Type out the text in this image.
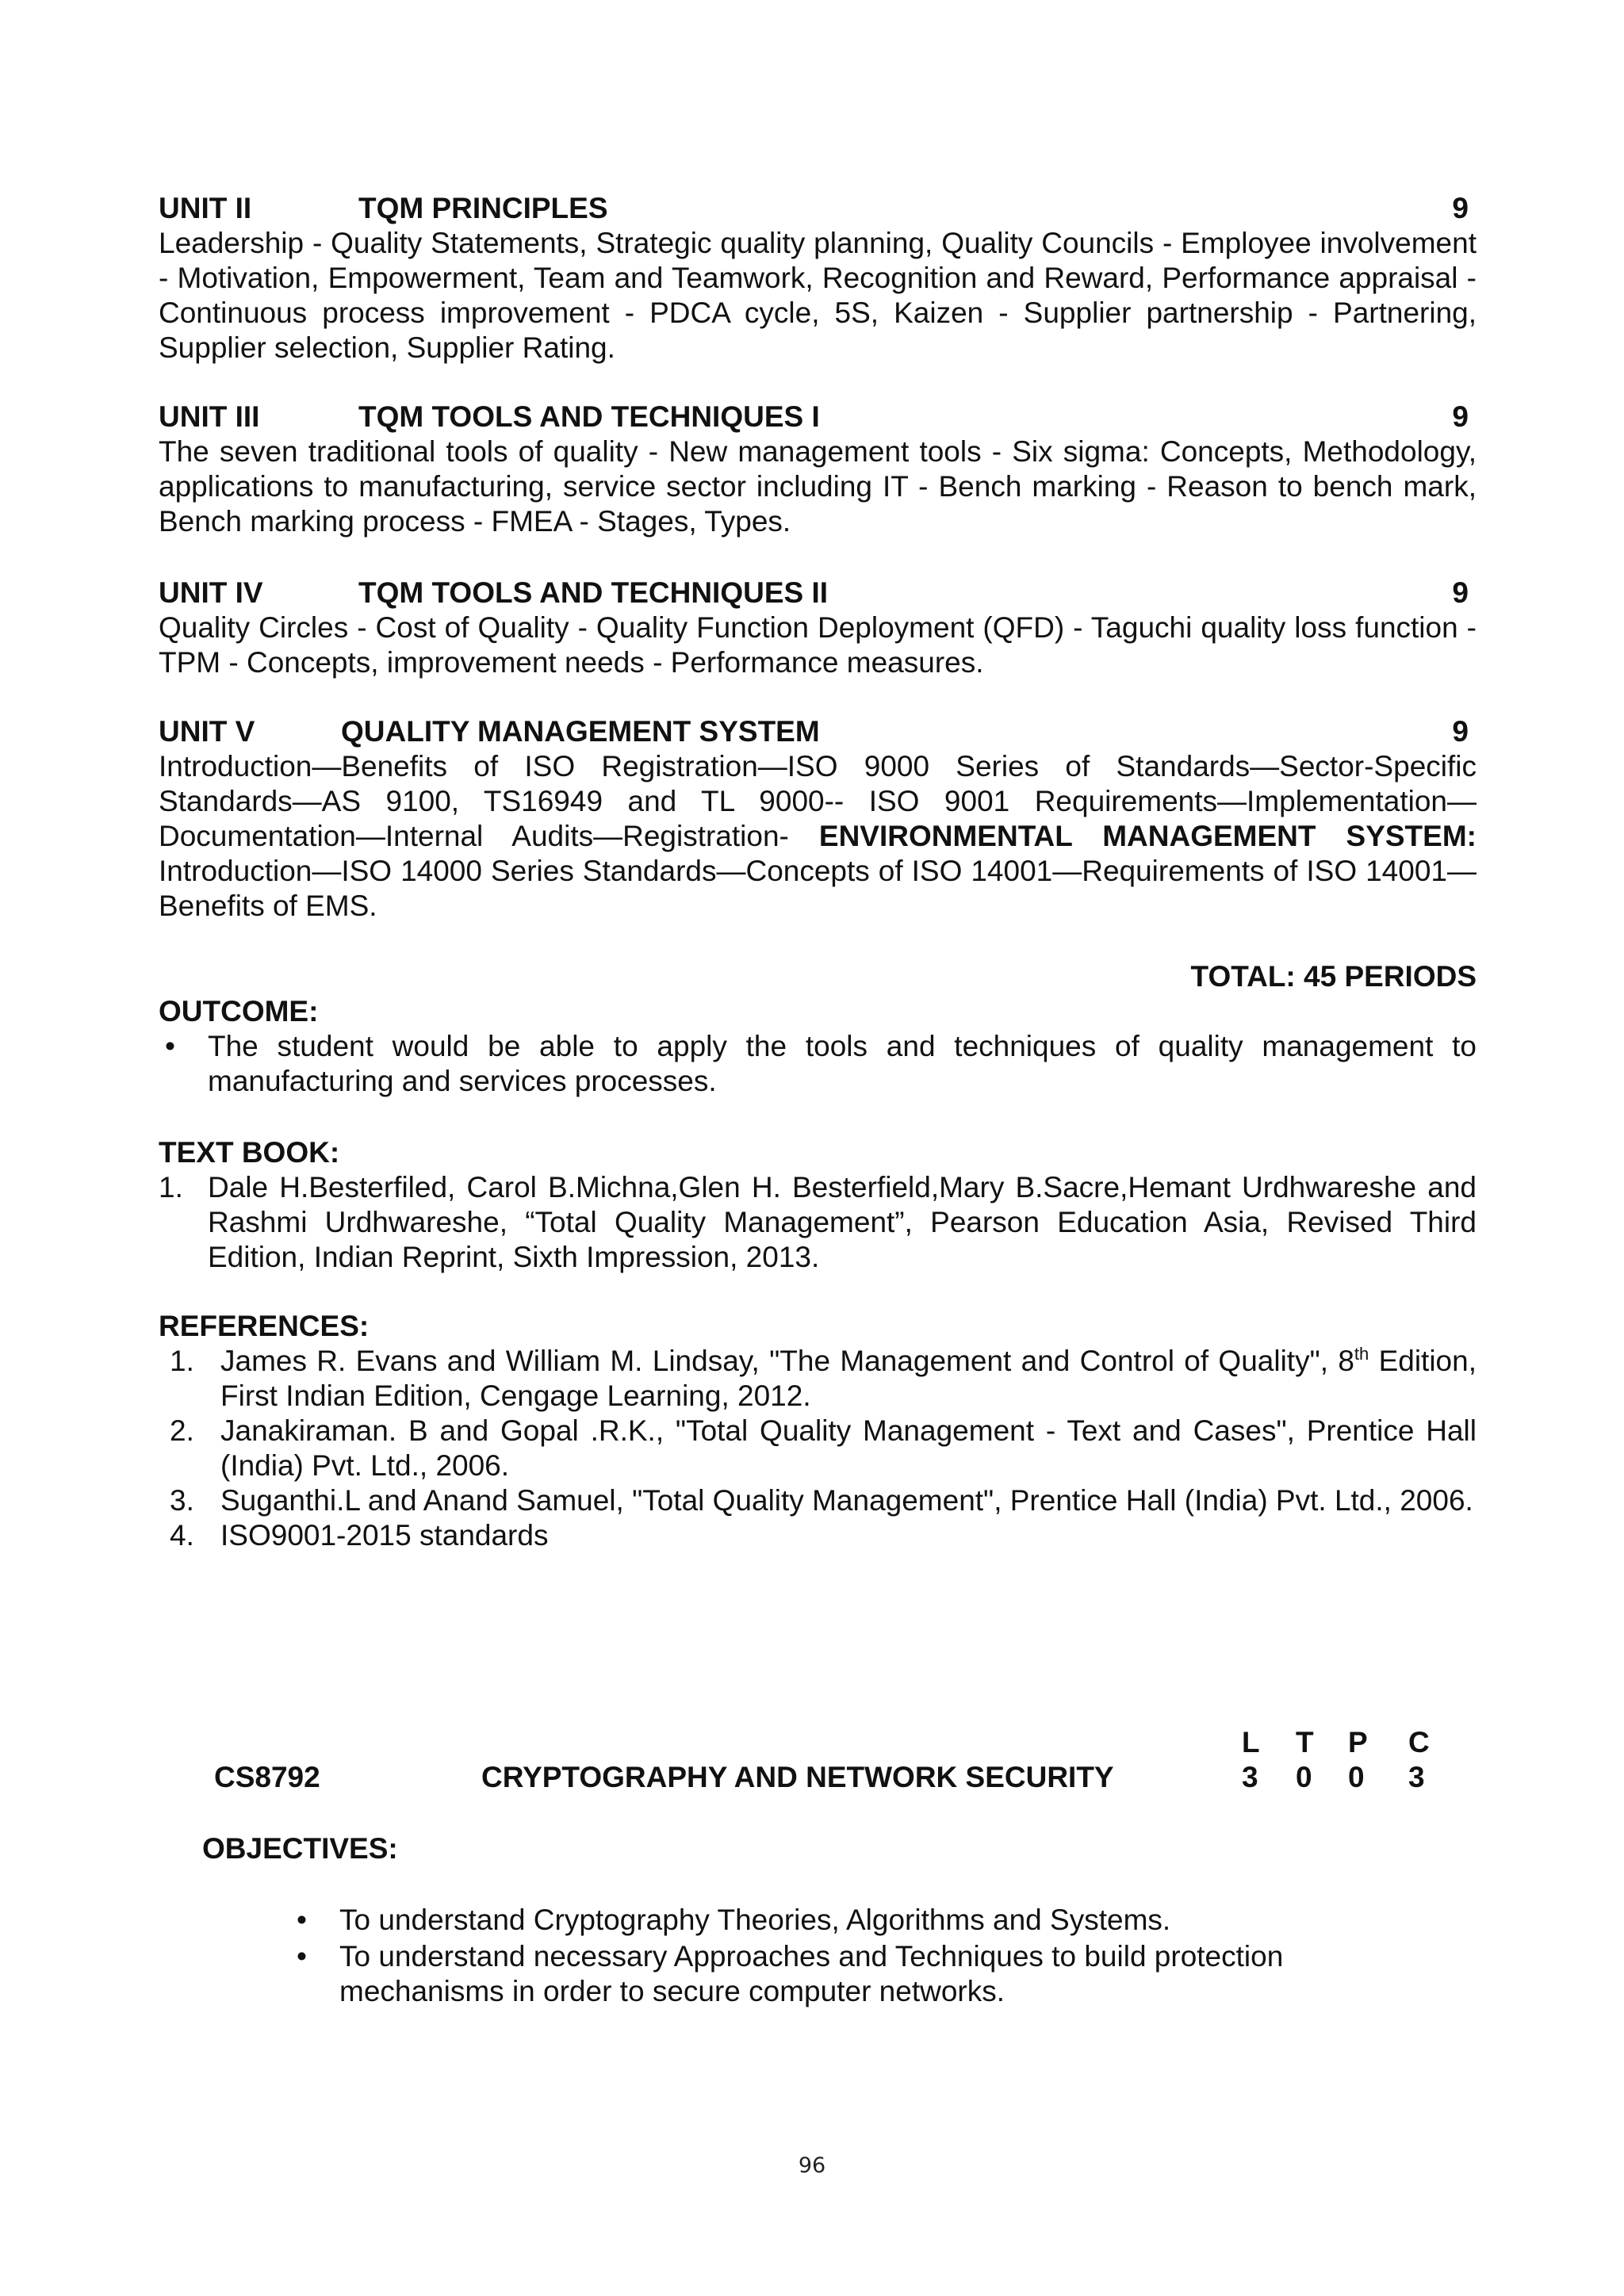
UNIT II	TQM PRINCIPLES	9

Leadership - Quality Statements, Strategic quality planning, Quality Councils - Employee involvement - Motivation, Empowerment, Team and Teamwork, Recognition and Reward, Performance appraisal - Continuous process improvement - PDCA cycle, 5S, Kaizen - Supplier partnership - Partnering, Supplier selection, Supplier Rating.

UNIT III	TQM TOOLS AND TECHNIQUES I	9

The seven traditional tools of quality - New management tools - Six sigma: Concepts, Methodology, applications to manufacturing, service sector including IT - Bench marking - Reason to bench mark, Bench marking process - FMEA - Stages, Types.

UNIT IV	TQM TOOLS AND TECHNIQUES II	9

Quality Circles - Cost of Quality - Quality Function Deployment (QFD) - Taguchi quality loss function - TPM - Concepts, improvement needs - Performance measures.

UNIT V	QUALITY MANAGEMENT SYSTEM	9

Introduction—Benefits of ISO Registration—ISO 9000 Series of Standards—Sector-Specific Standards—AS 9100, TS16949 and TL 9000-- ISO 9001 Requirements—Implementation—Documentation—Internal Audits—Registration- ENVIRONMENTAL MANAGEMENT SYSTEM: Introduction—ISO 14000 Series Standards—Concepts of ISO 14001—Requirements of ISO 14001—Benefits of EMS.

TOTAL: 45 PERIODS

OUTCOME:

• The student would be able to apply the tools and techniques of quality management to manufacturing and services processes.

TEXT BOOK:

1. Dale H.Besterfiled, Carol B.Michna,Glen H. Besterfield,Mary B.Sacre,Hemant Urdhwareshe and Rashmi Urdhwareshe, “Total Quality Management”, Pearson Education Asia, Revised Third Edition, Indian Reprint, Sixth Impression, 2013.

REFERENCES:

1. James R. Evans and William M. Lindsay, "The Management and Control of Quality", 8th Edition, First Indian Edition, Cengage Learning, 2012.

2. Janakiraman. B and Gopal .R.K., "Total Quality Management - Text and Cases", Prentice Hall (India) Pvt. Ltd., 2006.

3. Suganthi.L and Anand Samuel, "Total Quality Management", Prentice Hall (India) Pvt. Ltd., 2006.

4. ISO9001-2015 standards

L T P C
CS8792	CRYPTOGRAPHY AND NETWORK SECURITY	3 0 0 3
OBJECTIVES:

• To understand Cryptography Theories, Algorithms and Systems.

• To understand necessary Approaches and Techniques to build protection mechanisms in order to secure computer networks.

96
